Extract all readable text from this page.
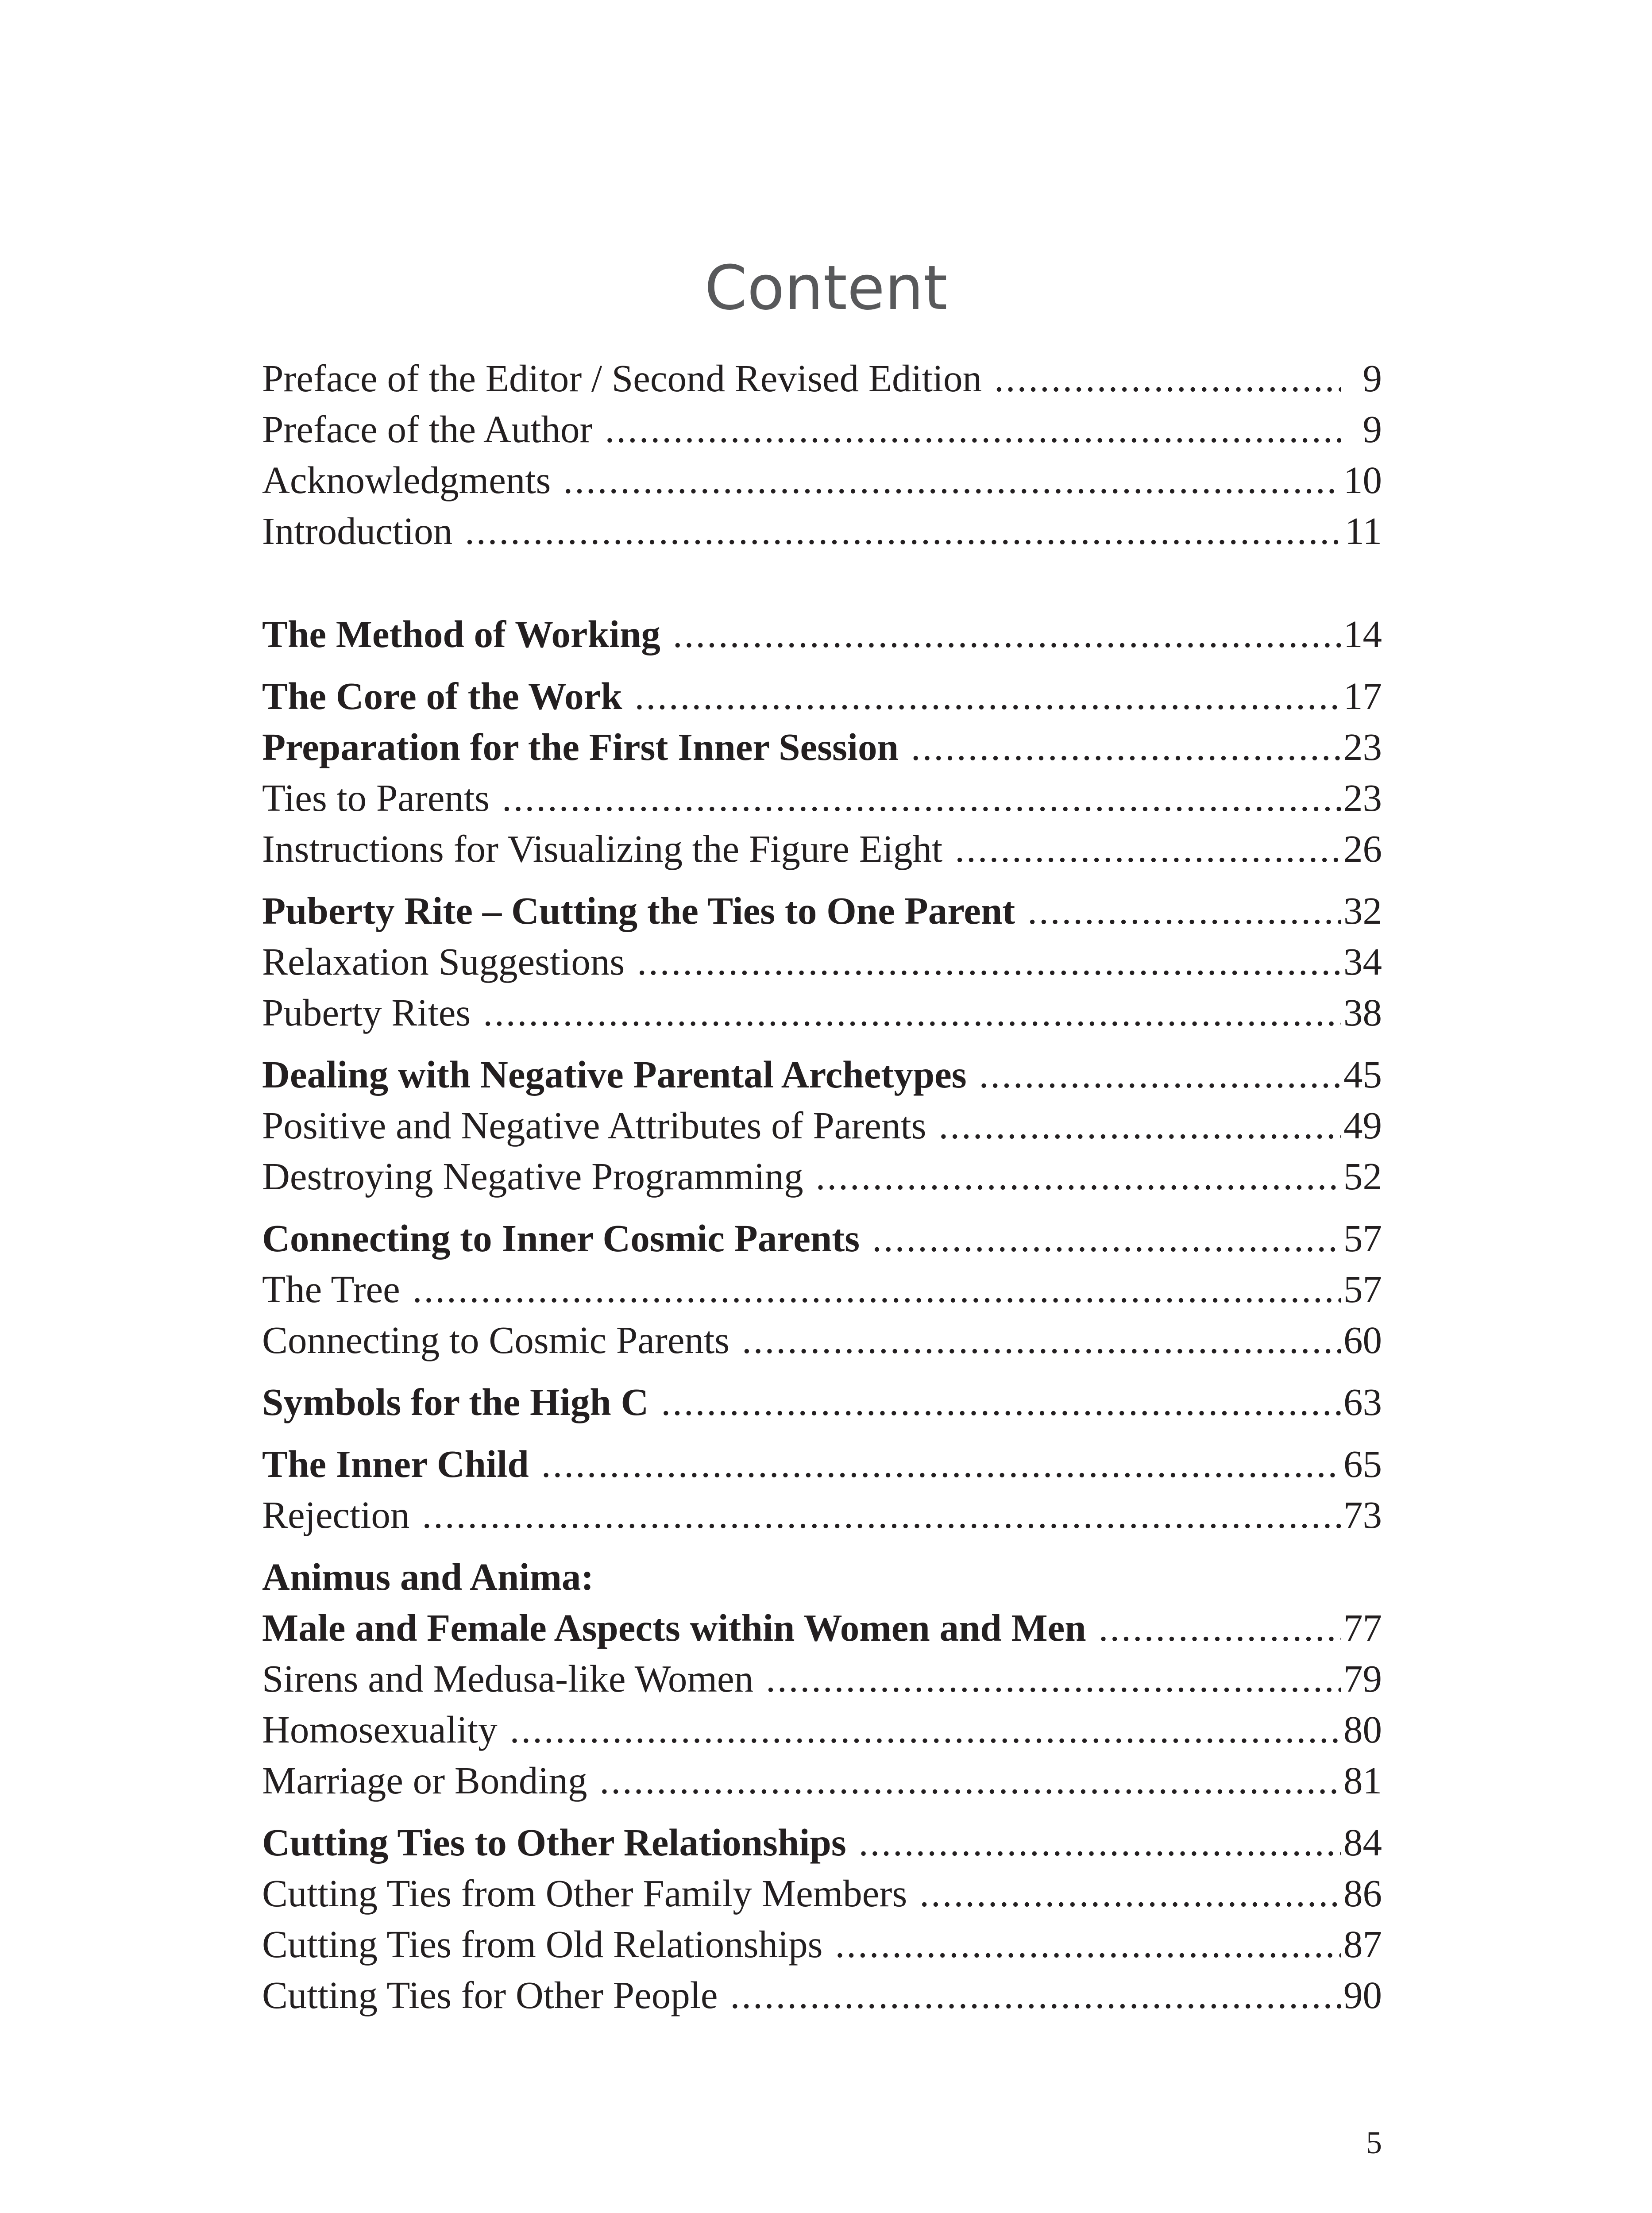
Content
Preface of the Editor / Second Revised Edition .....	9
Preface of the Author .....	9
Acknowledgments .....	10
Introduction .....	11
The Method of Working .....	14
The Core of the Work .....	17
Preparation for the First Inner Session .....	23
Ties to Parents .....	23
Instructions for Visualizing the Figure Eight .....	26
Puberty Rite – Cutting the Ties to One Parent .....	32
Relaxation Suggestions .....	34
Puberty Rites .....	38
Dealing with Negative Parental Archetypes .....	45
Positive and Negative Attributes of Parents .....	49
Destroying Negative Programming .....	52
Connecting to Inner Cosmic Parents .....	57
The Tree .....	57
Connecting to Cosmic Parents .....	60
Symbols for the High C .....	63
The Inner Child .....	65
Rejection .....	73
Animus and Anima:
Male and Female Aspects within Women and Men .....	77
Sirens and Medusa-like Women .....	79
Homosexuality .....	80
Marriage or Bonding .....	81
Cutting Ties to Other Relationships .....	84
Cutting Ties from Other Family Members .....	86
Cutting Ties from Old Relationships .....	87
Cutting Ties for Other People .....	90
5
